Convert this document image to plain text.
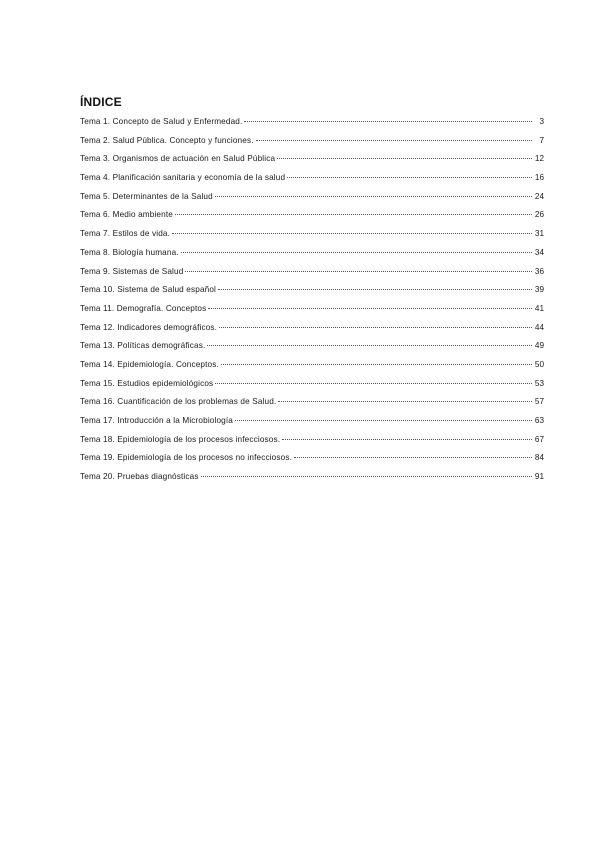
ÍNDICE
Tema 1. Concepto de Salud y Enfermedad.	3
Tema 2. Salud Pública. Concepto y funciones.	7
Tema 3. Organismos de actuación en Salud Pública	12
Tema 4. Planificación sanitaria y economía de la salud	16
Tema 5. Determinantes de la Salud	24
Tema 6. Medio ambiente	26
Tema 7. Estilos de vida.	31
Tema 8. Biología humana.	34
Tema 9. Sistemas de Salud	36
Tema 10. Sistema de Salud español	39
Tema 11. Demografía. Conceptos	41
Tema 12. Indicadores demográficos.	44
Tema 13. Políticas demográficas.	49
Tema 14. Epidemiología. Conceptos.	50
Tema 15. Estudios epidemiológicos	53
Tema 16. Cuantificación de los problemas de Salud.	57
Tema 17. Introducción a la Microbiología	63
Tema 18. Epidemiología de los procesos infecciosos.	67
Tema 19. Epidemiología de los procesos no infecciosos.	84
Tema 20. Pruebas diagnósticas	91
